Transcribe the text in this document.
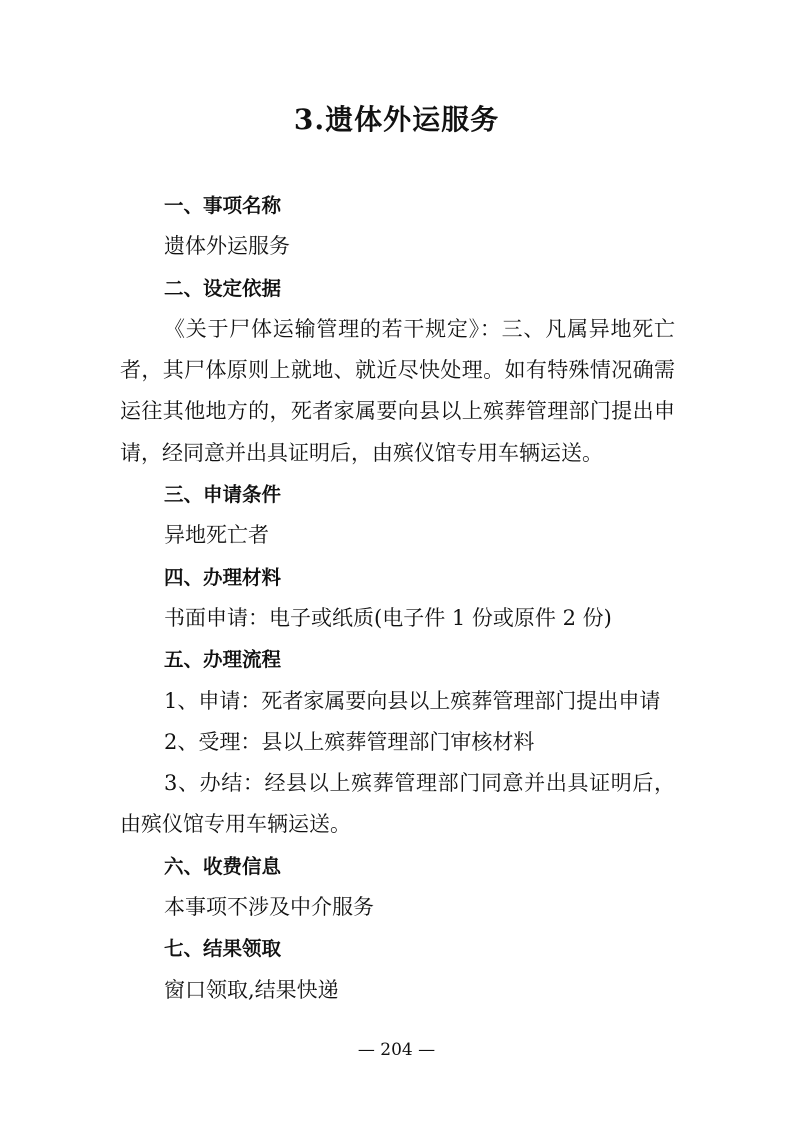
3.遗体外运服务
一、事项名称
遗体外运服务
二、设定依据
《关于尸体运输管理的若干规定》：三、凡属异地死亡
者，其尸体原则上就地、就近尽快处理。如有特殊情况确需
运往其他地方的，死者家属要向县以上殡葬管理部门提出申
请，经同意并出具证明后，由殡仪馆专用车辆运送。
三、申请条件
异地死亡者
四、办理材料
书面申请：电子或纸质(电子件 1 份或原件 2 份)
五、办理流程
1、申请：死者家属要向县以上殡葬管理部门提出申请
2、受理：县以上殡葬管理部门审核材料
3、办结：经县以上殡葬管理部门同意并出具证明后，
由殡仪馆专用车辆运送。
六、收费信息
本事项不涉及中介服务
七、结果领取
窗口领取,结果快递
— 204 —
